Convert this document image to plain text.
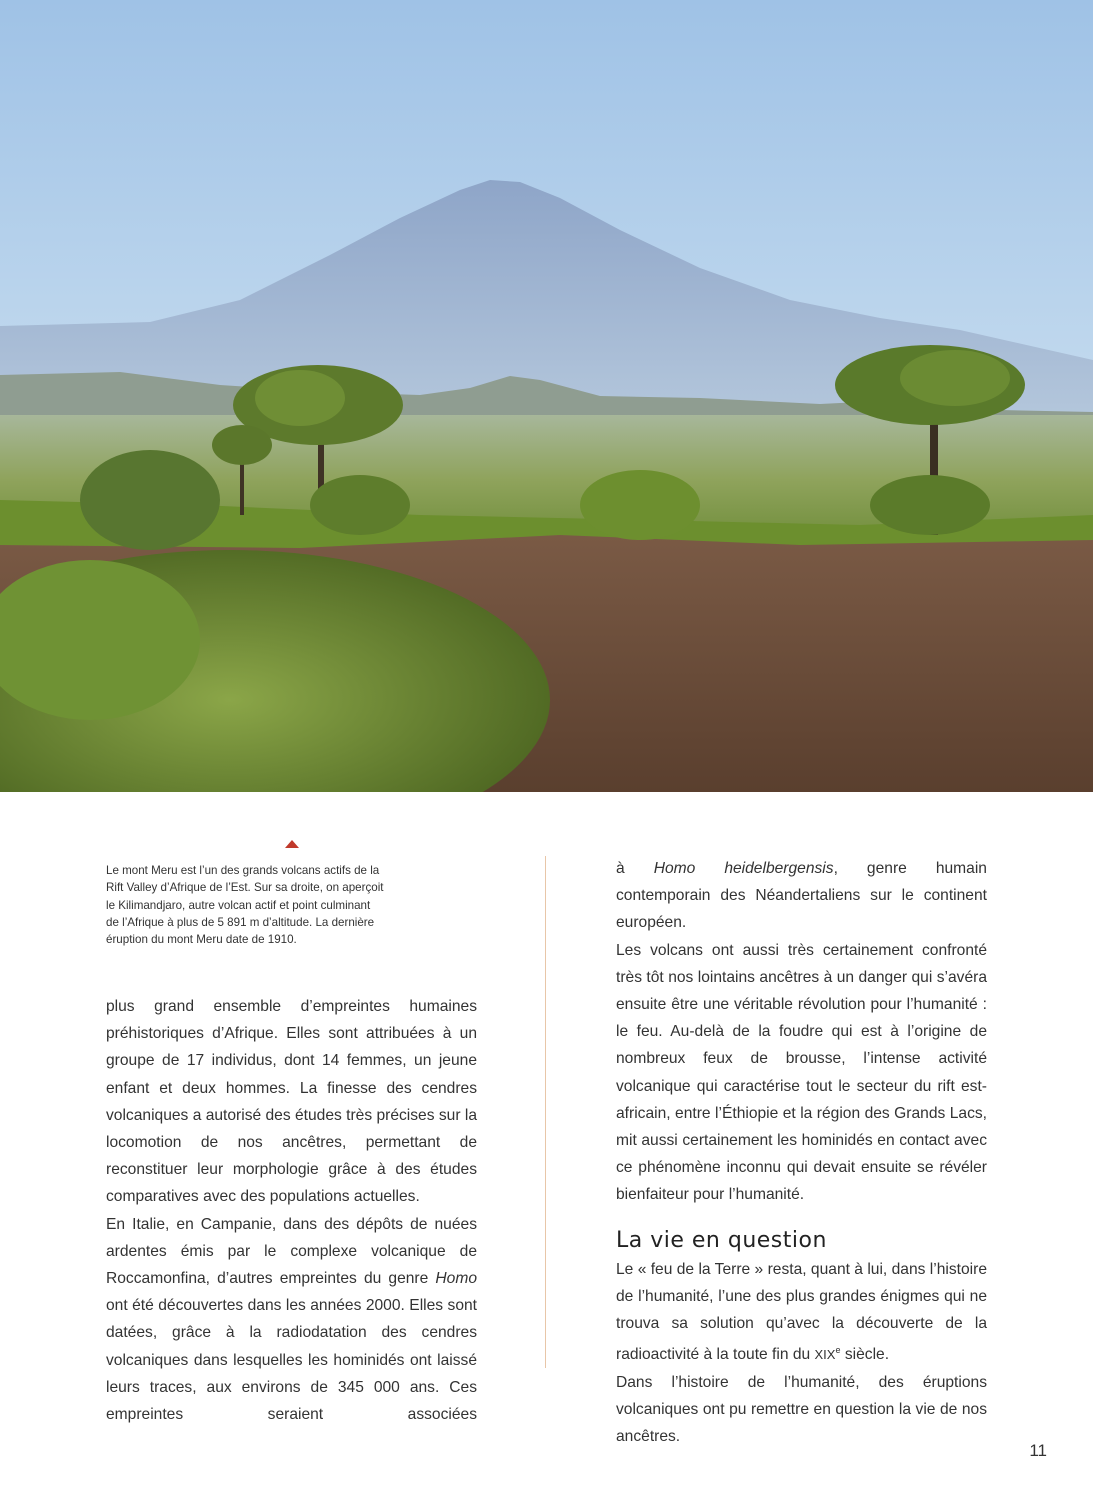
Le mont Meru est l’un des grands volcans actifs de la Rift Valley d’Afrique de l’Est. Sur sa droite, on aperçoit le Kilimandjaro, autre volcan actif et point culminant de l’Afrique à plus de 5 891 m d’altitude. La dernière éruption du mont Meru date de 1910.

plus grand ensemble d’empreintes humaines préhistoriques d’Afrique. Elles sont attribuées à un groupe de 17 individus, dont 14 femmes, un jeune enfant et deux hommes. La finesse des cendres volcaniques a autorisé des études très précises sur la locomotion de nos ancêtres, permettant de reconstituer leur morphologie grâce à des études comparatives avec des populations actuelles.

En Italie, en Campanie, dans des dépôts de nuées ardentes émis par le complexe volcanique de Roccamonfina, d’autres empreintes du genre Homo ont été découvertes dans les années 2000. Elles sont datées, grâce à la radiodatation des cendres volcaniques dans lesquelles les hominidés ont laissé leurs traces, aux environs de 345 000 ans. Ces empreintes seraient associées

à Homo heidelbergensis, genre humain contemporain des Néandertaliens sur le continent européen.

Les volcans ont aussi très certainement confronté très tôt nos lointains ancêtres à un danger qui s’avéra ensuite être une véritable révolution pour l’humanité : le feu. Au-delà de la foudre qui est à l’origine de nombreux feux de brousse, l’intense activité volcanique qui caractérise tout le secteur du rift est-africain, entre l’Éthiopie et la région des Grands Lacs, mit aussi certainement les hominidés en contact avec ce phénomène inconnu qui devait ensuite se révéler bienfaiteur pour l’humanité.

La vie en question

Le « feu de la Terre » resta, quant à lui, dans l’histoire de l’humanité, l’une des plus grandes énigmes qui ne trouva sa solution qu’avec la découverte de la radioactivité à la toute fin du XIXe siècle.

Dans l’histoire de l’humanité, des éruptions volcaniques ont pu remettre en question la vie de nos ancêtres.

11
